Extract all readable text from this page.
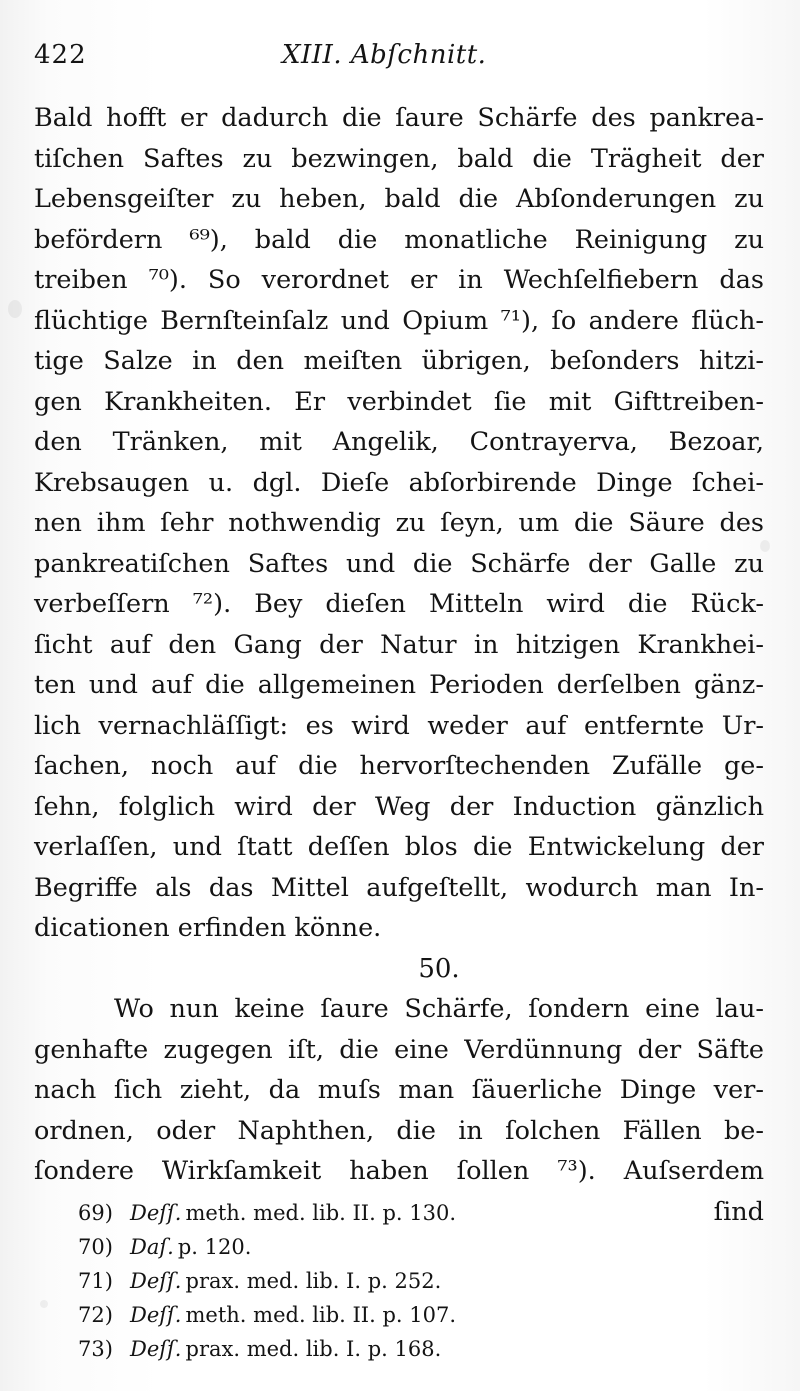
422	XIII. Abſchnitt.
Bald hofft er dadurch die ſaure Schärfe des pankrea-
tiſchen Saftes zu bezwingen, bald die Trägheit der
Lebensgeiſter zu heben, bald die Abſonderungen zu
befördern ⁶⁹), bald die monatliche Reinigung zu
treiben ⁷⁰). So verordnet er in Wechſelfiebern das
flüchtige Bernſteinſalz und Opium ⁷¹), ſo andere flüch-
tige Salze in den meiſten übrigen, beſonders hitzi-
gen Krankheiten. Er verbindet ſie mit Gifttreiben-
den Tränken, mit Angelik, Contrayerva, Bezoar,
Krebsaugen u. dgl. Dieſe abſorbirende Dinge ſchei-
nen ihm ſehr nothwendig zu ſeyn, um die Säure des
pankreatiſchen Saftes und die Schärfe der Galle zu
verbeſſern ⁷²). Bey dieſen Mitteln wird die Rück-
ſicht auf den Gang der Natur in hitzigen Krankhei-
ten und auf die allgemeinen Perioden derſelben gänz-
lich vernachläſſigt: es wird weder auf entfernte Ur-
ſachen, noch auf die hervorſtechenden Zufälle ge-
ſehn, folglich wird der Weg der Induction gänzlich
verlaſſen, und ſtatt deſſen blos die Entwickelung der
Begriffe als das Mittel aufgeſtellt, wodurch man In-
dicationen erfinden könne.
50.
Wo nun keine ſaure Schärfe, ſondern eine lau-
genhafte zugegen iſt, die eine Verdünnung der Säfte
nach ſich zieht, da muſs man ſäuerliche Dinge ver-
ordnen, oder Naphthen, die in ſolchen Fällen be-
ſondere Wirkſamkeit haben ſollen ⁷³). Auſserdem
ſind
69) Deſſ. meth. med. lib. II. p. 130.
70) Daſ. p. 120.
71) Deſſ. prax. med. lib. I. p. 252.
72) Deſſ. meth. med. lib. II. p. 107.
73) Deſſ. prax. med. lib. I. p. 168.
